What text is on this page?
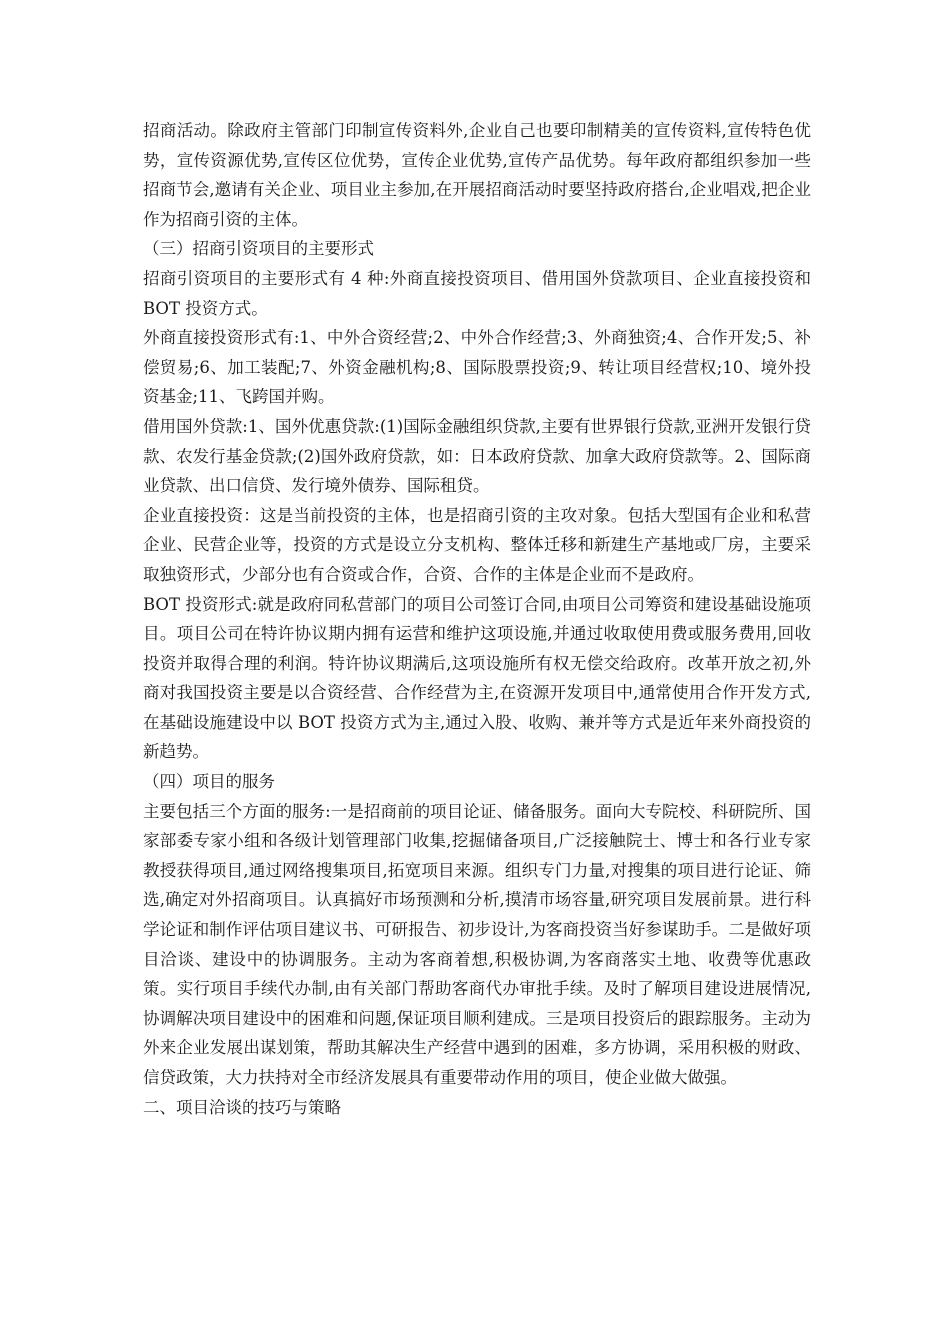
招商活动。除政府主管部门印制宣传资料外,企业自己也要印制精美的宣传资料,宣传特色优势，宣传资源优势,宣传区位优势，宣传企业优势,宣传产品优势。每年政府都组织参加一些招商节会,邀请有关企业、项目业主参加,在开展招商活动时要坚持政府搭台,企业唱戏,把企业作为招商引资的主体。

（三）招商引资项目的主要形式

招商引资项目的主要形式有 4 种:外商直接投资项目、借用国外贷款项目、企业直接投资和 BOT 投资方式。

外商直接投资形式有:1、中外合资经营;2、中外合作经营;3、外商独资;4、合作开发;5、补偿贸易;6、加工装配;7、外资金融机构;8、国际股票投资;9、转让项目经营权;10、境外投资基金;11、飞跨国并购。

借用国外贷款:1、国外优惠贷款:(1)国际金融组织贷款,主要有世界银行贷款,亚洲开发银行贷款、农发行基金贷款;(2)国外政府贷款，如：日本政府贷款、加拿大政府贷款等。2、国际商业贷款、出口信贷、发行境外债券、国际租贷。

企业直接投资：这是当前投资的主体，也是招商引资的主攻对象。包括大型国有企业和私营企业、民营企业等，投资的方式是设立分支机构、整体迁移和新建生产基地或厂房，主要采取独资形式，少部分也有合资或合作，合资、合作的主体是企业而不是政府。

BOT 投资形式:就是政府同私营部门的项目公司签订合同,由项目公司筹资和建设基础设施项目。项目公司在特许协议期内拥有运营和维护这项设施,并通过收取使用费或服务费用,回收投资并取得合理的利润。特许协议期满后,这项设施所有权无偿交给政府。改革开放之初,外商对我国投资主要是以合资经营、合作经营为主,在资源开发项目中,通常使用合作开发方式,在基础设施建设中以 BOT 投资方式为主,通过入股、收购、兼并等方式是近年来外商投资的新趋势。

（四）项目的服务

主要包括三个方面的服务:一是招商前的项目论证、储备服务。面向大专院校、科研院所、国家部委专家小组和各级计划管理部门收集,挖掘储备项目,广泛接触院士、博士和各行业专家教授获得项目,通过网络搜集项目,拓宽项目来源。组织专门力量,对搜集的项目进行论证、筛选,确定对外招商项目。认真搞好市场预测和分析,摸清市场容量,研究项目发展前景。进行科学论证和制作评估项目建议书、可研报告、初步设计,为客商投资当好参谋助手。二是做好项目洽谈、建设中的协调服务。主动为客商着想,积极协调,为客商落实土地、收费等优惠政策。实行项目手续代办制,由有关部门帮助客商代办审批手续。及时了解项目建设进展情况,协调解决项目建设中的困难和问题,保证项目顺利建成。三是项目投资后的跟踪服务。主动为外来企业发展出谋划策，帮助其解决生产经营中遇到的困难，多方协调，采用积极的财政、信贷政策，大力扶持对全市经济发展具有重要带动作用的项目，使企业做大做强。

二、项目洽谈的技巧与策略
